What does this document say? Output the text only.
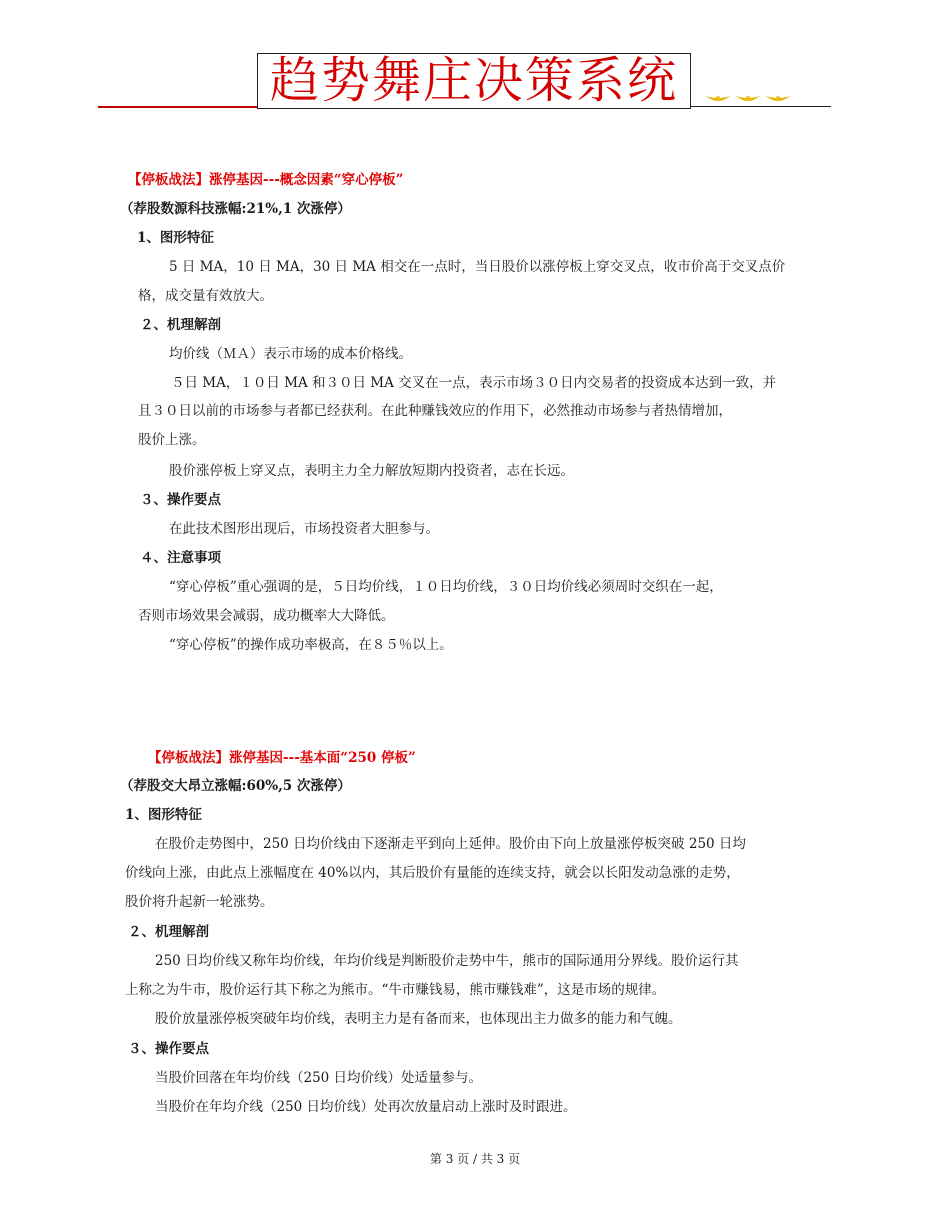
趋势舞庄决策系统
【停板战法】涨停基因---概念因素“穿心停板”
（荐股数源科技涨幅:21%,1 次涨停）
1、图形特征
5 日 MA，10 日 MA，30 日 MA 相交在一点时，当日股价以涨停板上穿交叉点，收市价高于交叉点价
格，成交量有效放大。
２、机理解剖
均价线（ＭＡ）表示市场的成本价格线。
５日 MA，１０日 MA 和３０日 MA 交叉在一点，表示市场３０日内交易者的投资成本达到一致，并
且３０日以前的市场参与者都已经获利。在此种赚钱效应的作用下，必然推动市场参与者热情增加，
股价上涨。
股价涨停板上穿叉点，表明主力全力解放短期内投资者，志在长远。
３、操作要点
在此技术图形出现后，市场投资者大胆参与。
４、注意事项
“穿心停板”重心强调的是，５日均价线，１０日均价线，３０日均价线必须周时交织在一起，
否则市场效果会减弱，成功概率大大降低。
“穿心停板”的操作成功率极高，在８５％以上。
【停板战法】涨停基因---基本面“250 停板”
（荐股交大昂立涨幅:60%,5 次涨停）
1、图形特征
在股价走势图中，250 日均价线由下逐渐走平到向上延伸。股价由下向上放量涨停板突破 250 日均
价线向上涨，由此点上涨幅度在 40%以内，其后股价有量能的连续支持，就会以长阳发动急涨的走势，
股价将升起新一轮涨势。
２、机理解剖
250 日均价线又称年均价线，年均价线是判断股价走势中牛，熊市的国际通用分界线。股价运行其
上称之为牛市，股价运行其下称之为熊市。“牛市赚钱易，熊市赚钱难”，这是市场的规律。
股价放量涨停板突破年均价线，表明主力是有备而来，也体现出主力做多的能力和气魄。
３、操作要点
当股价回落在年均价线（250 日均价线）处适量参与。
当股价在年均介线（250 日均价线）处再次放量启动上涨时及时跟进。
第 3 页 / 共 3 页
